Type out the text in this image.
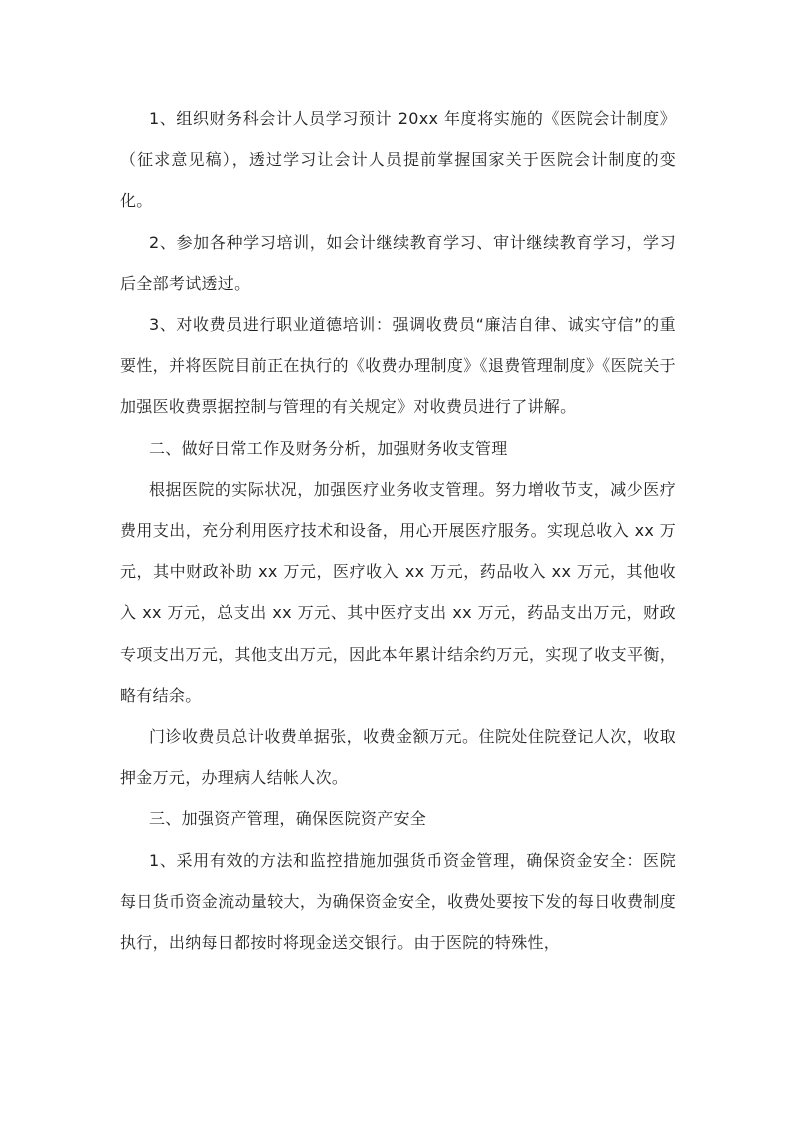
1、组织财务科会计人员学习预计 20xx 年度将实施的《医院会计制度》（征求意见稿），透过学习让会计人员提前掌握国家关于医院会计制度的变化。

2、参加各种学习培训，如会计继续教育学习、审计继续教育学习，学习后全部考试透过。

3、对收费员进行职业道德培训：强调收费员“廉洁自律、诚实守信”的重要性，并将医院目前正在执行的《收费办理制度》《退费管理制度》《医院关于加强医收费票据控制与管理的有关规定》对收费员进行了讲解。

二、做好日常工作及财务分析，加强财务收支管理

根据医院的实际状况，加强医疗业务收支管理。努力增收节支，减少医疗费用支出，充分利用医疗技术和设备，用心开展医疗服务。实现总收入 xx 万元，其中财政补助 xx 万元，医疗收入 xx 万元，药品收入 xx 万元，其他收入 xx 万元，总支出 xx 万元、其中医疗支出 xx 万元，药品支出万元，财政专项支出万元，其他支出万元，因此本年累计结余约万元，实现了收支平衡，略有结余。

门诊收费员总计收费单据张，收费金额万元。住院处住院登记人次，收取押金万元，办理病人结帐人次。

三、加强资产管理，确保医院资产安全

1、采用有效的方法和监控措施加强货币资金管理，确保资金安全：医院每日货币资金流动量较大，为确保资金安全，收费处要按下发的每日收费制度执行，出纳每日都按时将现金送交银行。由于医院的特殊性，
